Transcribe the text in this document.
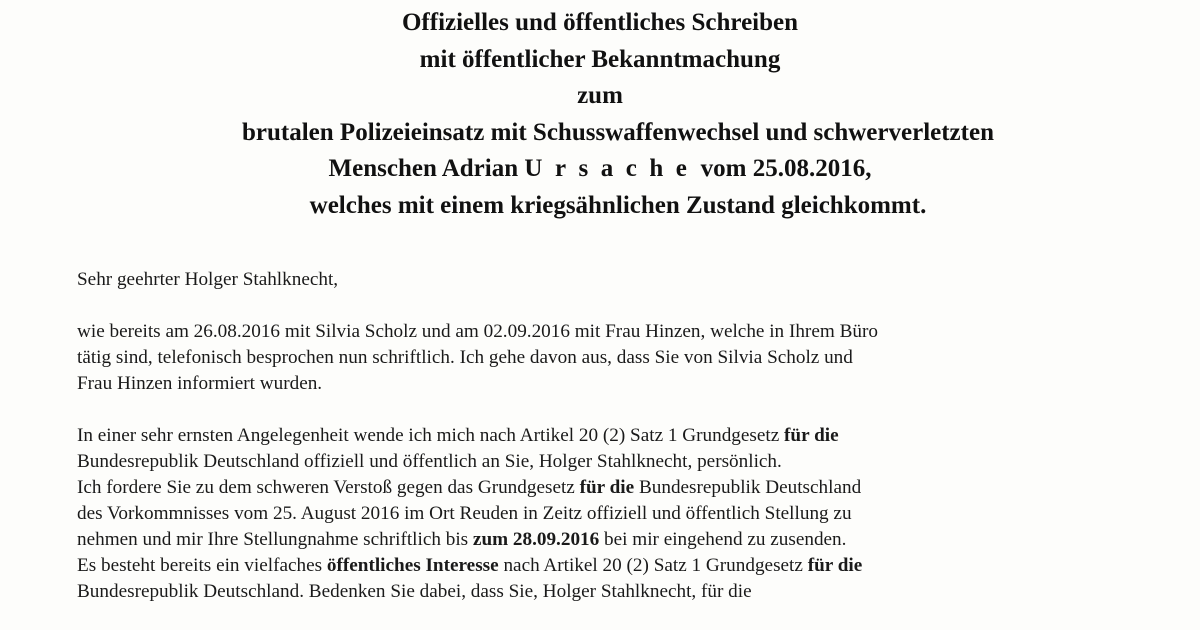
Offizielles und öffentliches Schreiben
mit öffentlicher Bekanntmachung
zum
brutalen Polizeieinsatz mit Schusswaffenwechsel und schwerverletzten
Menschen Adrian Ursache vom 25.08.2016,
welches mit einem kriegsähnlichen Zustand gleichkommt.
Sehr geehrter Holger Stahlknecht,
wie bereits am 26.08.2016 mit Silvia Scholz und am 02.09.2016 mit Frau Hinzen, welche in Ihrem Büro
tätig sind, telefonisch besprochen nun schriftlich. Ich gehe davon aus, dass Sie von Silvia Scholz und
Frau Hinzen informiert wurden.
In einer sehr ernsten Angelegenheit wende ich mich nach Artikel 20 (2) Satz 1 Grundgesetz für die
Bundesrepublik Deutschland offiziell und öffentlich an Sie, Holger Stahlknecht, persönlich.
Ich fordere Sie zu dem schweren Verstoß gegen das Grundgesetz für die Bundesrepublik Deutschland
des Vorkommnisses vom 25. August 2016 im Ort Reuden in Zeitz offiziell und öffentlich Stellung zu
nehmen und mir Ihre Stellungnahme schriftlich bis zum 28.09.2016 bei mir eingehend zu zusenden.
Es besteht bereits ein vielfaches öffentliches Interesse nach Artikel 20 (2) Satz 1 Grundgesetz für die
Bundesrepublik Deutschland. Bedenken Sie dabei, dass Sie, Holger Stahlknecht, für die
